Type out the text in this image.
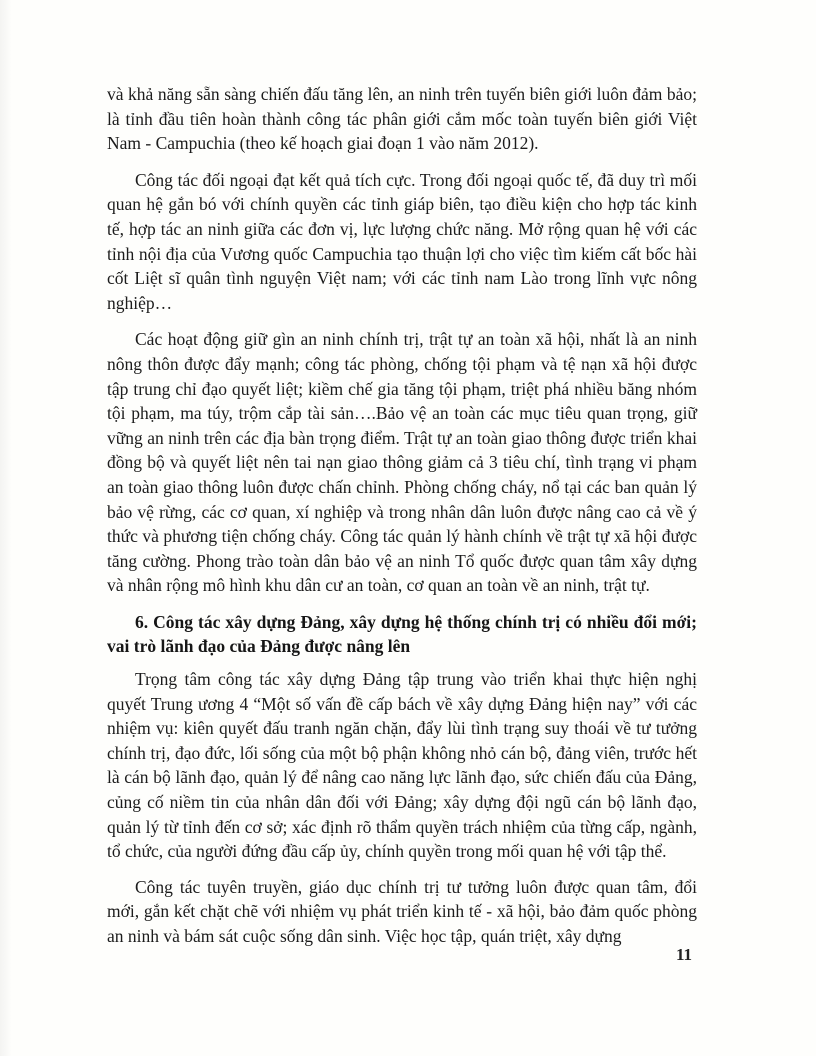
và khả năng sẵn sàng chiến đấu tăng lên, an ninh trên tuyến biên giới luôn đảm bảo; là tỉnh đầu tiên hoàn thành công tác phân giới cắm mốc toàn tuyến biên giới Việt Nam - Campuchia (theo kế hoạch giai đoạn 1 vào năm 2012).

Công tác đối ngoại đạt kết quả tích cực. Trong đối ngoại quốc tế, đã duy trì mối quan hệ gắn bó với chính quyền các tỉnh giáp biên, tạo điều kiện cho hợp tác kinh tế, hợp tác an ninh giữa các đơn vị, lực lượng chức năng. Mở rộng quan hệ với các tỉnh nội địa của Vương quốc Campuchia tạo thuận lợi cho việc tìm kiếm cất bốc hài cốt Liệt sĩ quân tình nguyện Việt nam; với các tỉnh nam Lào trong lĩnh vực nông nghiệp…

Các hoạt động giữ gìn an ninh chính trị, trật tự an toàn xã hội, nhất là an ninh nông thôn được đẩy mạnh; công tác phòng, chống tội phạm và tệ nạn xã hội được tập trung chỉ đạo quyết liệt; kiềm chế gia tăng tội phạm, triệt phá nhiều băng nhóm tội phạm, ma túy, trộm cắp tài sản….Bảo vệ an toàn các mục tiêu quan trọng, giữ vững an ninh trên các địa bàn trọng điểm. Trật tự an toàn giao thông được triển khai đồng bộ và quyết liệt nên tai nạn giao thông giảm cả 3 tiêu chí, tình trạng vi phạm an toàn giao thông luôn được chấn chỉnh. Phòng chống cháy, nổ tại các ban quản lý bảo vệ rừng, các cơ quan, xí nghiệp và trong nhân dân luôn được nâng cao cả về ý thức và phương tiện chống cháy. Công tác quản lý hành chính về trật tự xã hội được tăng cường. Phong trào toàn dân bảo vệ an ninh Tổ quốc được quan tâm xây dựng và nhân rộng mô hình khu dân cư an toàn, cơ quan an toàn về an ninh, trật tự.

6. Công tác xây dựng Đảng, xây dựng hệ thống chính trị có nhiều đổi mới; vai trò lãnh đạo của Đảng được nâng lên

Trọng tâm công tác xây dựng Đảng tập trung vào triển khai thực hiện nghị quyết Trung ương 4 “Một số vấn đề cấp bách về xây dựng Đảng hiện nay” với các nhiệm vụ: kiên quyết đấu tranh ngăn chặn, đẩy lùi tình trạng suy thoái về tư tưởng chính trị, đạo đức, lối sống của một bộ phận không nhỏ cán bộ, đảng viên, trước hết là cán bộ lãnh đạo, quản lý để nâng cao năng lực lãnh đạo, sức chiến đấu của Đảng, củng cố niềm tin của nhân dân đối với Đảng; xây dựng đội ngũ cán bộ lãnh đạo, quản lý từ tỉnh đến cơ sở; xác định rõ thẩm quyền trách nhiệm của từng cấp, ngành, tổ chức, của người đứng đầu cấp ủy, chính quyền trong mối quan hệ với tập thể.

Công tác tuyên truyền, giáo dục chính trị tư tưởng luôn được quan tâm, đổi mới, gắn kết chặt chẽ với nhiệm vụ phát triển kinh tế - xã hội, bảo đảm quốc phòng an ninh và bám sát cuộc sống dân sinh. Việc học tập, quán triệt, xây dựng

11
